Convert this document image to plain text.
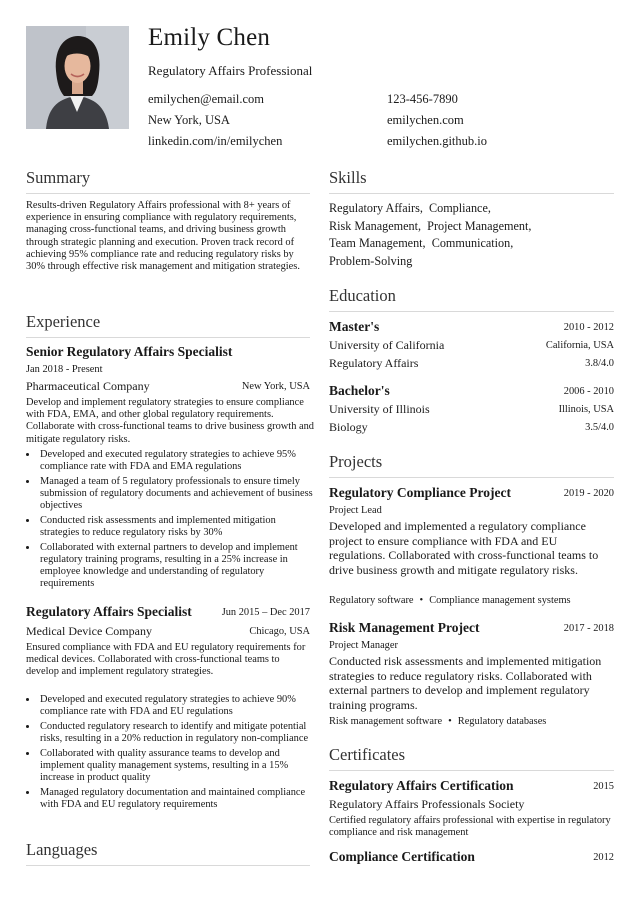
Emily Chen
Regulatory Affairs Professional
emilychen@email.com	123-456-7890
New York, USA	emilychen.com
linkedin.com/in/emilychen	emilychen.github.io
Summary
Results-driven Regulatory Affairs professional with 8+ years of experience in ensuring compliance with regulatory requirements, managing cross-functional teams, and driving business growth through strategic planning and execution. Proven track record of achieving 95% compliance rate and reducing regulatory risks by 30% through effective risk management and mitigation strategies.
Experience
Senior Regulatory Affairs Specialist
Jan 2018 - Present
Pharmaceutical Company	New York, USA
Develop and implement regulatory strategies to ensure compliance with FDA, EMA, and other global regulatory requirements. Collaborate with cross-functional teams to drive business growth and mitigate regulatory risks.
• Developed and executed regulatory strategies to achieve 95% compliance rate with FDA and EMA regulations
• Managed a team of 5 regulatory professionals to ensure timely submission of regulatory documents and achievement of business objectives
• Conducted risk assessments and implemented mitigation strategies to reduce regulatory risks by 30%
• Collaborated with external partners to develop and implement regulatory training programs, resulting in a 25% increase in employee knowledge and understanding of regulatory requirements
Regulatory Affairs Specialist	Jun 2015 – Dec 2017
Medical Device Company	Chicago, USA
Ensured compliance with FDA and EU regulatory requirements for medical devices. Collaborated with cross-functional teams to develop and implement regulatory strategies.
• Developed and executed regulatory strategies to achieve 90% compliance rate with FDA and EU regulations
• Conducted regulatory research to identify and mitigate potential risks, resulting in a 20% reduction in regulatory non-compliance
• Collaborated with quality assurance teams to develop and implement quality management systems, resulting in a 15% increase in product quality
• Managed regulatory documentation and maintained compliance with FDA and EU regulatory requirements
Languages
Skills
Regulatory Affairs, Compliance,
Risk Management, Project Management,
Team Management, Communication,
Problem-Solving
Education
Master's	2010 - 2012
University of California	California, USA
Regulatory Affairs	3.8/4.0
Bachelor's	2006 - 2010
University of Illinois	Illinois, USA
Biology	3.5/4.0
Projects
Regulatory Compliance Project	2019 - 2020
Project Lead
Developed and implemented a regulatory compliance project to ensure compliance with FDA and EU regulations. Collaborated with cross-functional teams to drive business growth and mitigate regulatory risks.
Regulatory software • Compliance management systems
Risk Management Project	2017 - 2018
Project Manager
Conducted risk assessments and implemented mitigation strategies to reduce regulatory risks. Collaborated with external partners to develop and implement regulatory training programs.
Risk management software • Regulatory databases
Certificates
Regulatory Affairs Certification	2015
Regulatory Affairs Professionals Society
Certified regulatory affairs professional with expertise in regulatory compliance and risk management
Compliance Certification	2012
